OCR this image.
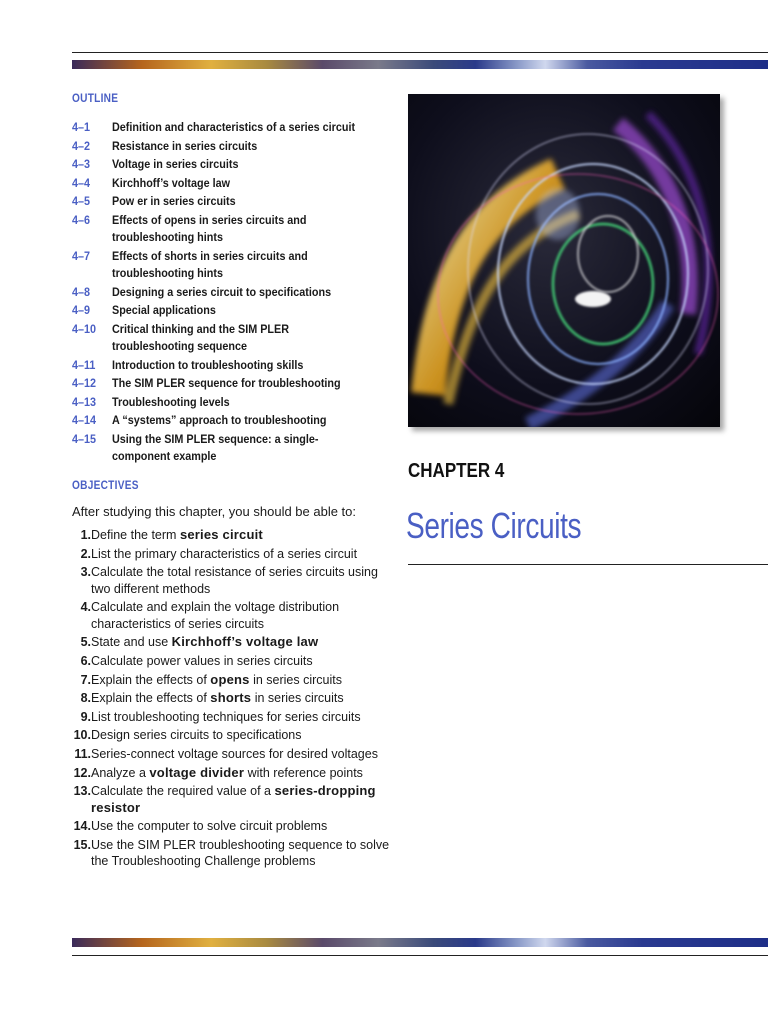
OUTLINE
4–1	Definition and characteristics of a series circuit
4–2	Resistance in series circuits
4–3	Voltage in series circuits
4–4	Kirchhoff’s voltage law
4–5	Pow er in series circuits
4–6	Effects of opens in series circuits and troubleshooting hints
4–7	Effects of shorts in series circuits and troubleshooting hints
4–8	Designing a series circuit to specifications
4–9	Special applications
4–10	Critical thinking and the SIM PLER troubleshooting sequence
4–11	Introduction to troubleshooting skills
4–12	The SIM PLER sequence for troubleshooting
4–13	Troubleshooting levels
4–14	A “systems” approach to troubleshooting
4–15	Using the SIM PLER sequence: a single-component example
OBJECTIVES
After studying this chapter, you should be able to:
1. Define the term series circuit
2. List the primary characteristics of a series circuit
3. Calculate the total resistance of series circuits using two different methods
4. Calculate and explain the voltage distribution characteristics of series circuits
5. State and use Kirchhoff’s voltage law
6. Calculate power values in series circuits
7. Explain the effects of opens in series circuits
8. Explain the effects of shorts in series circuits
9. List troubleshooting techniques for series circuits
10. Design series circuits to specifications
11. Series-connect voltage sources for desired voltages
12. Analyze a voltage divider with reference points
13. Calculate the required value of a series-dropping resistor
14. Use the computer to solve circuit problems
15. Use the SIM PLER troubleshooting sequence to solve the Troubleshooting Challenge problems
CHAPTER 4
Series Circuits
